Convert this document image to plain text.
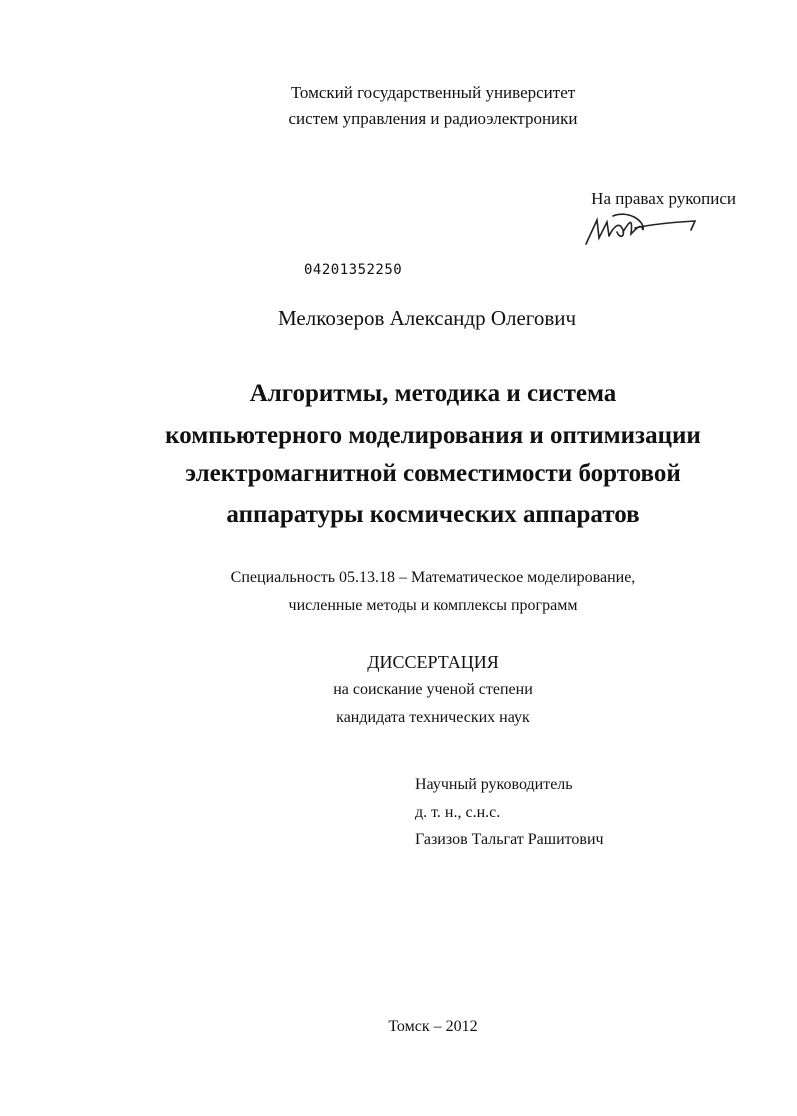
Томский государственный университет
систем управления и радиоэлектроники
На правах рукописи
04201352250
Мелкозеров Александр Олегович
Алгоритмы, методика и система
компьютерного моделирования и оптимизации
электромагнитной совместимости бортовой
аппаратуры космических аппаратов
Специальность 05.13.18 – Математическое моделирование,
численные методы и комплексы программ
ДИССЕРТАЦИЯ
на соискание ученой степени
кандидата технических наук
Научный руководитель
д. т. н., с.н.с.
Газизов Тальгат Рашитович
Томск – 2012
